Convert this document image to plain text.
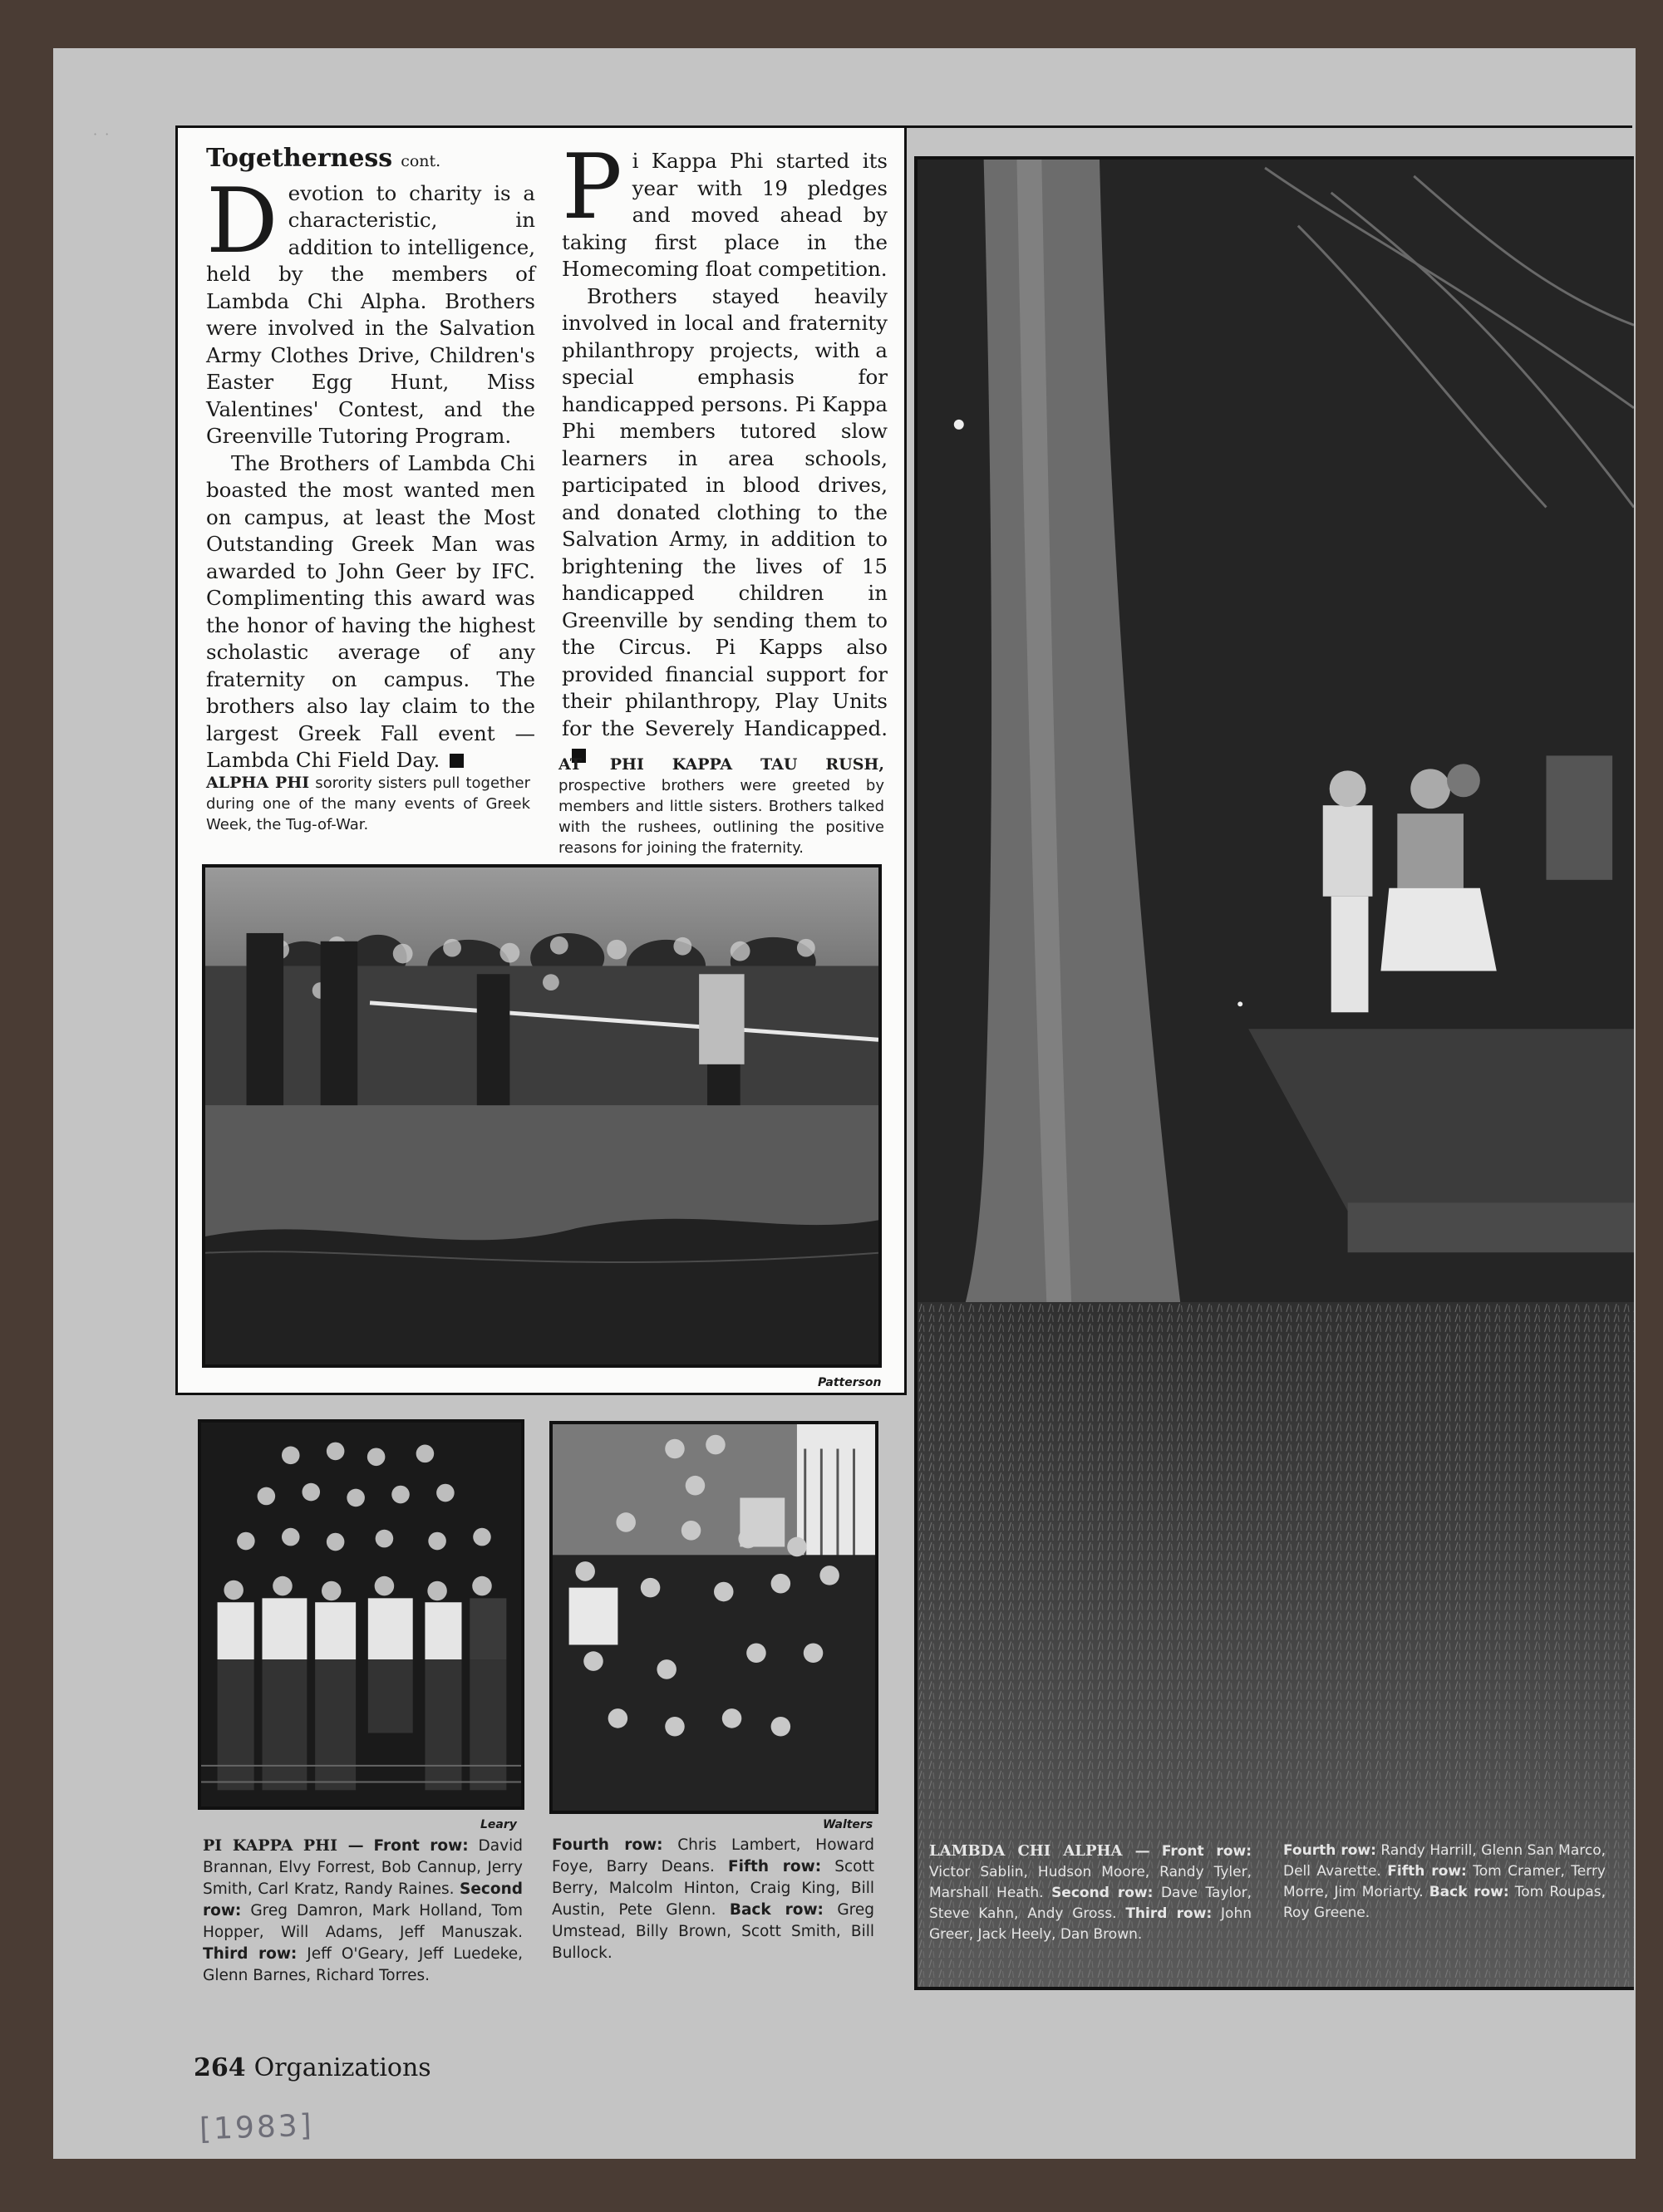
· ·
Togetherness cont.

Devotion to charity is a characteristic, in addition to intelligence, held by the members of Lambda Chi Alpha. Brothers were involved in the Salvation Army Clothes Drive, Children's Easter Egg Hunt, Miss Valentines' Contest, and the Greenville Tutoring Program.

The Brothers of Lambda Chi boasted the most wanted men on campus, at least the Most Outstanding Greek Man was awarded to John Geer by IFC. Complimenting this award was the honor of having the highest scholastic average of any fraternity on campus. The brothers also lay claim to the largest Greek Fall event — Lambda Chi Field Day.

Pi Kappa Phi started its year with 19 pledges and moved ahead by taking first place in the Homecoming float competition.

Brothers stayed heavily involved in local and fraternity philanthropy projects, with a special emphasis for handicapped persons. Pi Kappa Phi members tutored slow learners in area schools, participated in blood drives, and donated clothing to the Salvation Army, in addition to brightening the lives of 15 handicapped children in Greenville by sending them to the Circus. Pi Kapps also provided financial support for their philanthropy, Play Units for the Severely Handicapped.

ALPHA PHI sorority sisters pull together during one of the many events of Greek Week, the Tug-of-War.
AT PHI KAPPA TAU RUSH, prospective brothers were greeted by members and little sisters. Brothers talked with the rushees, outlining the positive reasons for joining the fraternity.
Patterson
Leary	Walters
PI KAPPA PHI — Front row: David Brannan, Elvy Forrest, Bob Cannup, Jerry Smith, Carl Kratz, Randy Raines. Second row: Greg Damron, Mark Holland, Tom Hopper, Will Adams, Jeff Manuszak. Third row: Jeff O'Geary, Jeff Luedeke, Glenn Barnes, Richard Torres.
Fourth row: Chris Lambert, Howard Foye, Barry Deans. Fifth row: Scott Berry, Malcolm Hinton, Craig King, Bill Austin, Pete Glenn. Back row: Greg Umstead, Billy Brown, Scott Smith, Bill Bullock.
LAMBDA CHI ALPHA — Front row: Victor Sablin, Hudson Moore, Randy Tyler, Marshall Heath. Second row: Dave Taylor, Steve Kahn, Andy Gross. Third row: John Greer, Jack Heely, Dan Brown.
Fourth row: Randy Harrill, Glenn San Marco, Dell Avarette. Fifth row: Tom Cramer, Terry Morre, Jim Moriarty. Back row: Tom Roupas, Roy Greene.
264 Organizations
[1983]
